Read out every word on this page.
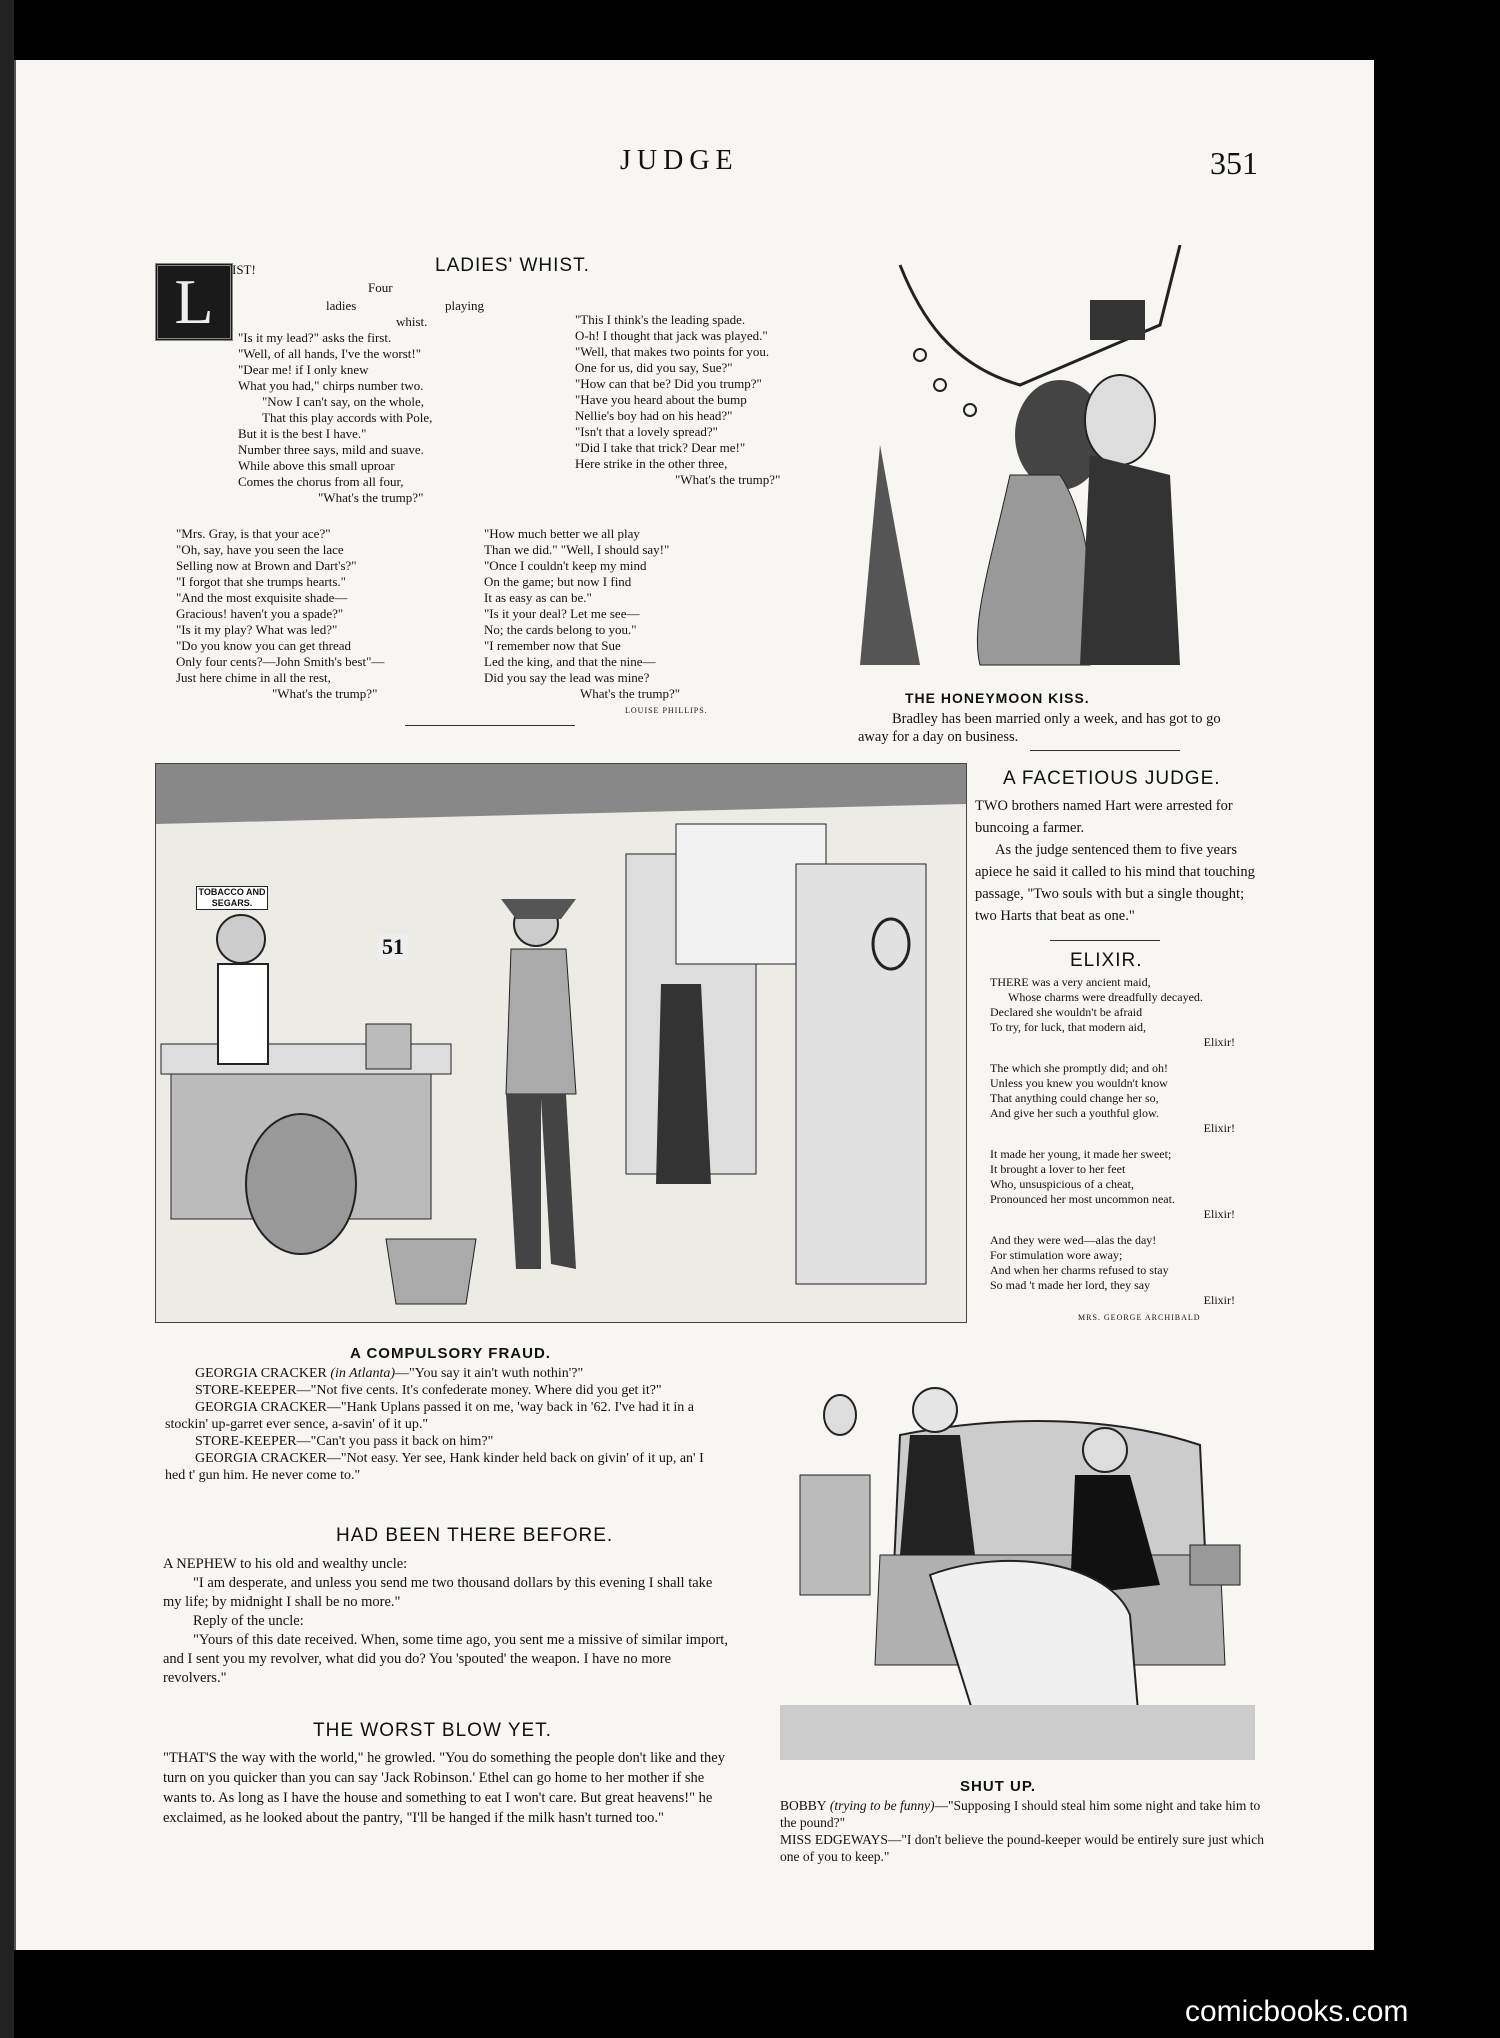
JUDGE	351
L
LADIES' WHIST.
IST!
Four
ladies	playing
whist.
"Is it my lead?" asks the first.
"Well, of all hands, I've the worst!"
"Dear me! if I only knew
What you had," chirps number two.
"Now I can't say, on the whole,
That this play accords with Pole,
But it is the best I have."
Number three says, mild and suave.
While above this small uproar
Comes the chorus from all four,
"What's the trump?"
"This I think's the leading spade.
O-h! I thought that jack was played."
"Well, that makes two points for you.
One for us, did you say, Sue?"
"How can that be? Did you trump?"
"Have you heard about the bump
Nellie's boy had on his head?"
"Isn't that a lovely spread?"
"Did I take that trick? Dear me!"
Here strike in the other three,
"What's the trump?"
"Mrs. Gray, is that your ace?"
"Oh, say, have you seen the lace
Selling now at Brown and Dart's?"
"I forgot that she trumps hearts."
"And the most exquisite shade—
Gracious! haven't you a spade?"
"Is it my play? What was led?"
"Do you know you can get thread
Only four cents?—John Smith's best"—
Just here chime in all the rest,
"What's the trump?"
"How much better we all play
Than we did." "Well, I should say!"
"Once I couldn't keep my mind
On the game; but now I find
It as easy as can be."
"Is it your deal? Let me see—
No; the cards belong to you."
"I remember now that Sue
Led the king, and that the nine—
Did you say the lead was mine?
What's the trump?"
LOUISE PHILLIPS.
THE HONEYMOON KISS.
Bradley has been married only a week, and has got to go away for a day on business.
TOBACCO AND SEGARS.
51
A COMPULSORY FRAUD.
GEORGIA CRACKER (in Atlanta)—"You say it ain't wuth nothin'?"
STORE-KEEPER—"Not five cents. It's confederate money. Where did you get it?"
GEORGIA CRACKER—"Hank Uplans passed it on me, 'way back in '62. I've had it in a stockin' up-garret ever sence, a-savin' of it up."
STORE-KEEPER—"Can't you pass it back on him?"
GEORGIA CRACKER—"Not easy. Yer see, Hank kinder held back on givin' of it up, an' I hed t' gun him. He never come to."
A FACETIOUS JUDGE.
TWO brothers named Hart were arrested for buncoing a farmer.
As the judge sentenced them to five years apiece he said it called to his mind that touching passage, "Two souls with but a single thought; two Harts that beat as one."
ELIXIR.
THERE was a very ancient maid,
Whose charms were dreadfully decayed.
Declared she wouldn't be afraid
To try, for luck, that modern aid,
Elixir!
The which she promptly did; and oh!
Unless you knew you wouldn't know
That anything could change her so,
And give her such a youthful glow.
Elixir!
It made her young, it made her sweet;
It brought a lover to her feet
Who, unsuspicious of a cheat,
Pronounced her most uncommon neat.
Elixir!
And they were wed—alas the day!
For stimulation wore away;
And when her charms refused to stay
So mad 't made her lord, they say
Elixir!
MRS. GEORGE ARCHIBALD
SHUT UP.
BOBBY (trying to be funny)—"Supposing I should steal him some night and take him to the pound?"
MISS EDGEWAYS—"I don't believe the pound-keeper would be entirely sure just which one of you to keep."
HAD BEEN THERE BEFORE.
A NEPHEW to his old and wealthy uncle:
"I am desperate, and unless you send me two thousand dollars by this evening I shall take my life; by midnight I shall be no more."
Reply of the uncle:
"Yours of this date received. When, some time ago, you sent me a missive of similar import, and I sent you my revolver, what did you do? You 'spouted' the weapon. I have no more revolvers."
THE WORST BLOW YET.
"THAT'S the way with the world," he growled. "You do something the people don't like and they turn on you quicker than you can say 'Jack Robinson.' Ethel can go home to her mother if she wants to. As long as I have the house and something to eat I won't care. But great heavens!" he exclaimed, as he looked about the pantry, "I'll be hanged if the milk hasn't turned too."
comicbooks.com
